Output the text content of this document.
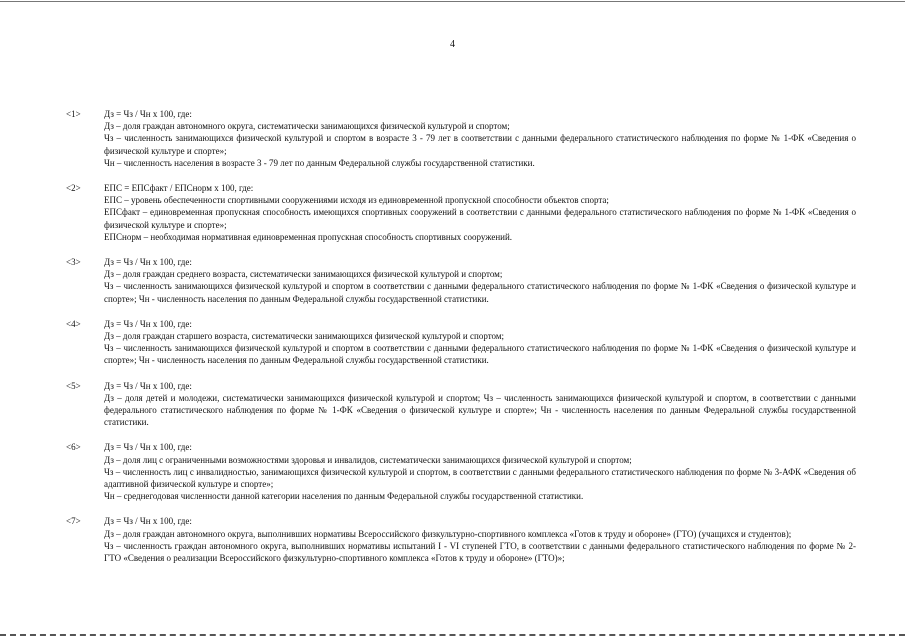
4
<1>	Дз = Чз / Чн x 100, где:
Дз – доля граждан автономного округа, систематически занимающихся физической культурой и спортом;
Чз – численность занимающихся физической культурой и спортом в возрасте 3 - 79 лет в соответствии с данными федерального статистического наблюдения по форме № 1-ФК «Сведения о физической культуре и спорте»;
Чн – численность населения в возрасте 3 - 79 лет по данным Федеральной службы государственной статистики.
<2>	ЕПС = ЕПСфакт / ЕПСнорм x 100, где:
ЕПС – уровень обеспеченности спортивными сооружениями исходя из единовременной пропускной способности объектов спорта;
ЕПСфакт – единовременная пропускная способность имеющихся спортивных сооружений в соответствии с данными федерального статистического наблюдения по форме № 1-ФК «Сведения о физической культуре и спорте»;
ЕПСнорм – необходимая нормативная единовременная пропускная способность спортивных сооружений.
<3>	Дз = Чз / Чн x 100, где:
Дз – доля граждан среднего возраста, систематически занимающихся физической культурой и спортом;
Чз – численность занимающихся физической культурой и спортом в соответствии с данными федерального статистического наблюдения по форме № 1-ФК «Сведения о физической культуре и спорте»; Чн - численность населения по данным Федеральной службы государственной статистики.
<4>	Дз = Чз / Чн x 100, где:
Дз – доля граждан старшего возраста, систематически занимающихся физической культурой и спортом;
Чз – численность занимающихся физической культурой и спортом в соответствии с данными федерального статистического наблюдения по форме № 1-ФК «Сведения о физической культуре и спорте»; Чн - численность населения по данным Федеральной службы государственной статистики.
<5>	Дз = Чз / Чн x 100, где:
Дз – доля детей и молодежи, систематически занимающихся физической культурой и спортом; Чз – численность занимающихся физической культурой и спортом, в соответствии с данными федерального статистического наблюдения по форме № 1-ФК «Сведения о физической культуре и спорте»; Чн - численность населения по данным Федеральной службы государственной статистики.
<6>	Дз = Чз / Чн x 100, где:
Дз – доля лиц с ограниченными возможностями здоровья и инвалидов, систематически занимающихся физической культурой и спортом;
Чз – численность лиц с инвалидностью, занимающихся физической культурой и спортом, в соответствии с данными федерального статистического наблюдения по форме № 3-АФК «Сведения об адаптивной физической культуре и спорте»;
Чн – среднегодовая численности данной категории населения по данным Федеральной службы государственной статистики.
<7>	Дз = Чз / Чн x 100, где:
Дз – доля граждан автономного округа, выполнивших нормативы Всероссийского физкультурно-спортивного комплекса «Готов к труду и обороне» (ГТО) (учащихся и студентов);
Чз – численность граждан автономного округа, выполнивших нормативы испытаний I - VI ступеней ГТО, в соответствии с данными федерального статистического наблюдения по форме № 2-ГТО «Сведения о реализации Всероссийского физкультурно-спортивного комплекса «Готов к труду и обороне» (ГТО)»;
